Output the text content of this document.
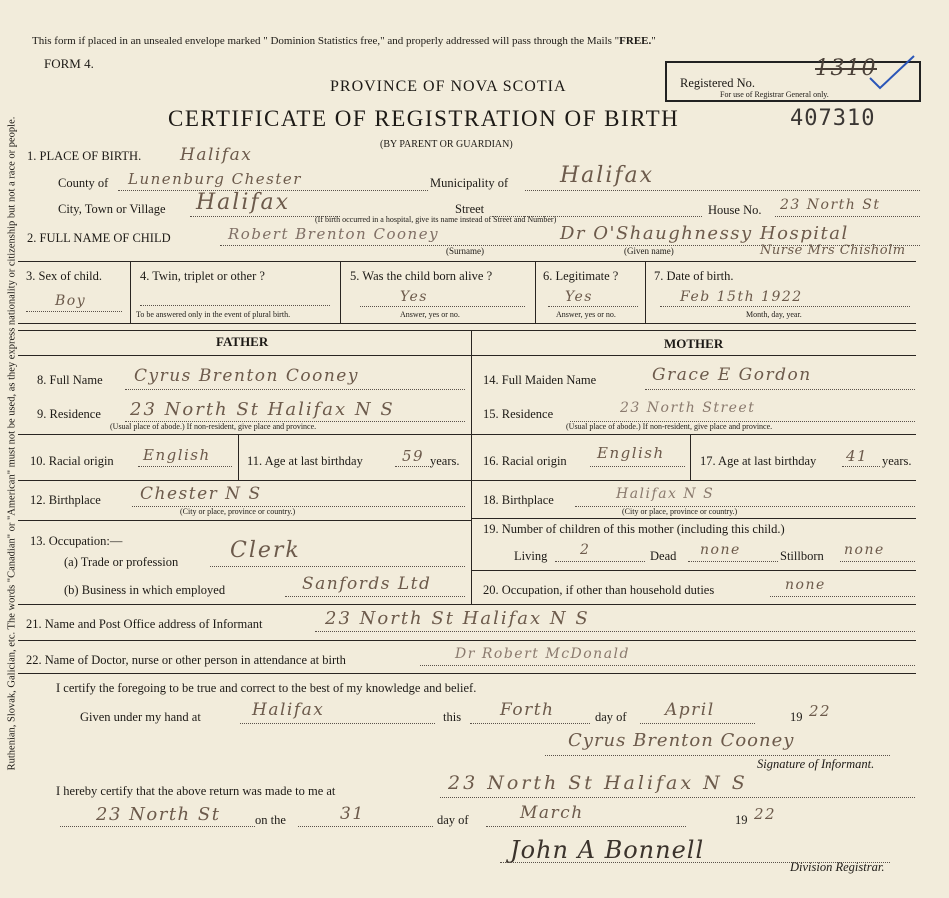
Ruthenian, Slovak, Galician, etc. The words "Canadian" or "American" must not be used, as they express nationality or citizenship but not a race or people.
This form if placed in an unsealed envelope marked " Dominion Statistics free," and properly addressed will pass through the Mails "FREE."
FORM 4.
Registered No.
1310
For use of Registrar General only.
PROVINCE OF NOVA SCOTIA
CERTIFICATE OF REGISTRATION OF BIRTH	407310
(BY PARENT OR GUARDIAN)
1. PLACE OF BIRTH. Halifax
County of Lunenburg Chester	Municipality of Halifax
City, Town or Village Halifax	Street
(If birth occurred in a hospital, give its name instead of Street and Number)
House No. 23 North St
2. FULL NAME OF CHILD	Robert Brenton Cooney	Dr O'Shaughnessy Hospital
Nurse Mrs Chisholm
(Surname)	(Given name)
3. Sex of child.
Boy
4. Twin, triplet or other ?
To be answered only in the event of plural birth.
5. Was the child born alive ?
Yes
Answer, yes or no.
6. Legitimate ?
Yes
Answer, yes or no.
7. Date of birth.
Feb 15th 1922
Month, day, year.
FATHER	MOTHER
8. Full Name Cyrus Brenton Cooney
9. Residence 23 North St Halifax N S
(Usual place of abode.) If non-resident, give place and province.
10. Racial origin English	11. Age at last birthday	59 years.
12. Birthplace Chester N S
(City or place, province or country.)
13. Occupation:—
(a) Trade or profession Clerk
(b) Business in which employed	Sanfords Ltd
14. Full Maiden Name	Grace E Gordon
15. Residence	23 North Street
(Usual place of abode.) If non-resident, give place and province.
16. Racial origin English	17. Age at last birthday 41 years.
18. Birthplace	Halifax N S
(City or place, province or country.)
19. Number of children of this mother (including this child.)
Living 2	Dead none	Stillborn none
20. Occupation, if other than household duties	none
21. Name and Post Office address of Informant	23 North St Halifax N S
22. Name of Doctor, nurse or other person in attendance at birth	Dr Robert McDonald
I certify the foregoing to be true and correct to the best of my knowledge and belief.
Given under my hand at	Halifax	this Forth	day of April	19 22
Cyrus Brenton Cooney
Signature of Informant.
I hereby certify that the above return was made to me at	23 North St Halifax N S
23 North St	on the	31	day of	March	19 22
John A Bonnell
Division Registrar.
